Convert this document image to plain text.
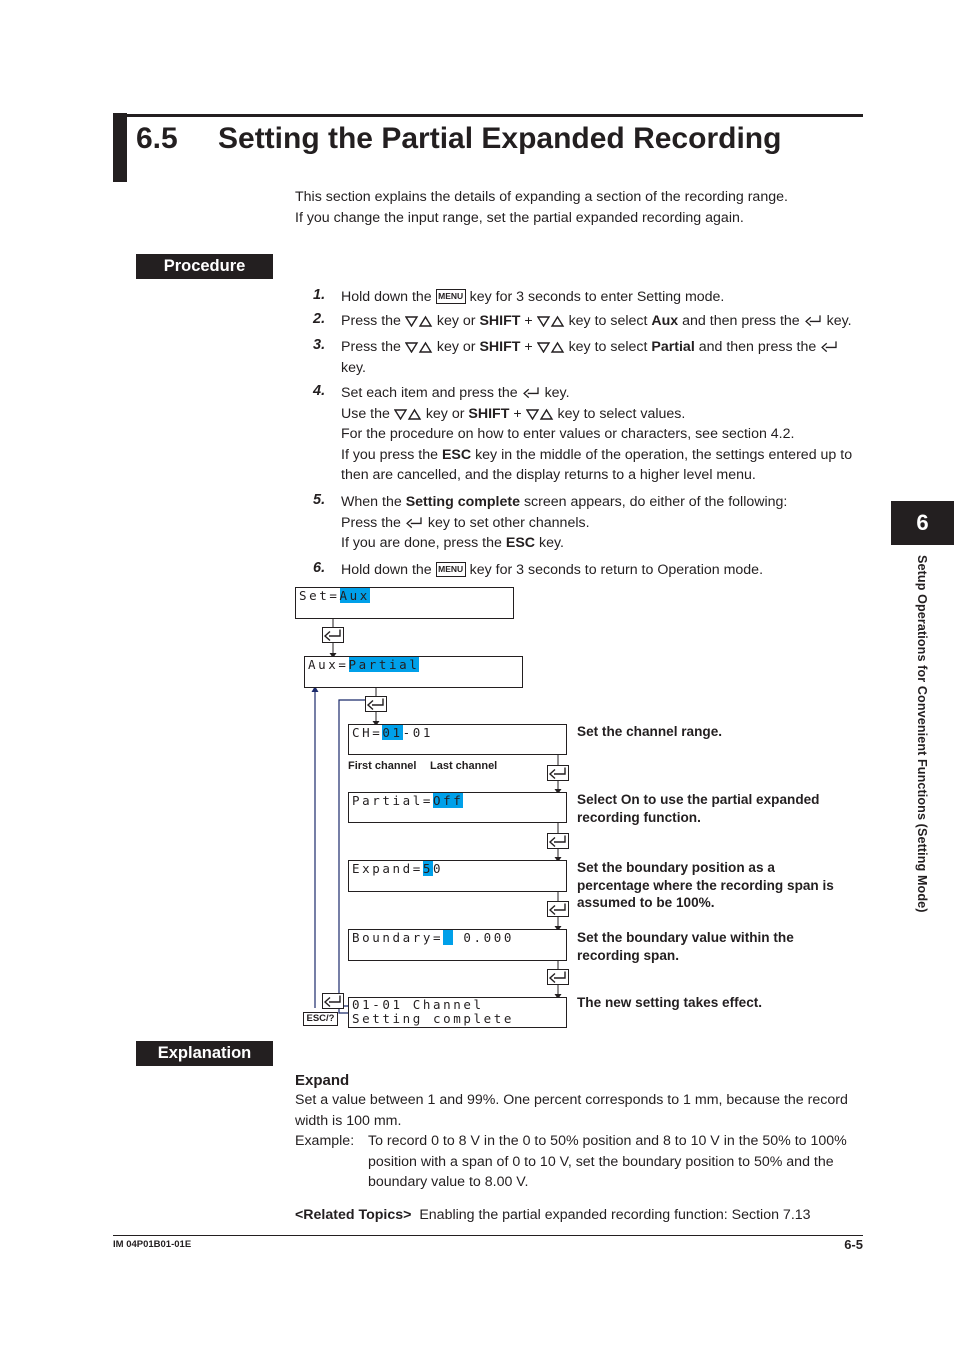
6.5 Setting the Partial Expanded Recording
This section explains the details of expanding a section of the recording range.
If you change the input range, set the partial expanded recording again.
Procedure
1. Hold down the MENU key for 3 seconds to enter Setting mode.
2. Press the	key or SHIFT +	key to select Aux and then press the key.
3. Press the	key or SHIFT +	key to select Partial and then press the
key.
4. Set each item and press the key.
Use the	key or SHIFT +	key to select values.
For the procedure on how to enter values or characters, see section 4.2.
If you press the ESC key in the middle of the operation, the settings entered up to then are cancelled, and the display returns to a higher level menu.
5. When the Setting complete screen appears, do either of the following:
Press the key to set other channels.
If you are done, press the ESC key.
6. Hold down the MENU key for 3 seconds to return to Operation mode.
ESC/?
Set=Aux
Aux=Partial
CH=01-01
First channel Last channel
Set the channel range.
Partial=Off	Select On to use the partial expanded recording function.
Expand=50	Set the boundary position as a percentage where the recording span is assumed to be 100%.
Boundary=  0.000	Set the boundary value within the recording span.
01-01 Channel
Setting complete
The new setting takes effect.
Explanation
Expand
Set a value between 1 and 99%. One percent corresponds to 1 mm, because the record width is 100 mm.
Example: To record 0 to 8 V in the 0 to 50% position and 8 to 10 V in the 50% to 100% position with a span of 0 to 10 V, set the boundary position to 50% and the boundary value to 8.00 V.
<Related Topics> Enabling the partial expanded recording function: Section 7.13
6
Setup Operations for Convenient Functions (Setting Mode)
IM 04P01B01-01E	6-5
